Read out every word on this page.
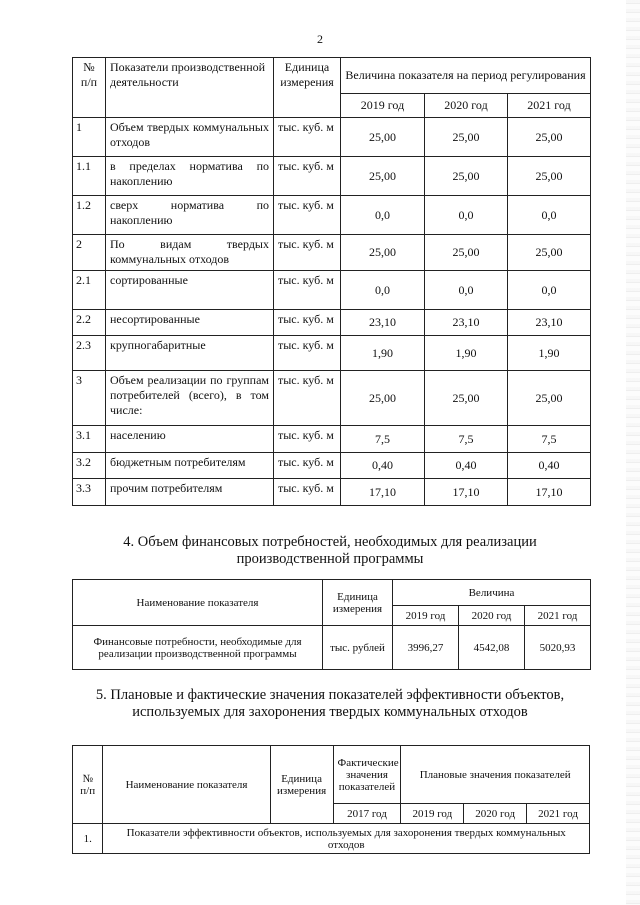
2
№ п/п	Показатели производственной деятельности	Единица измерения	Величина показателя на период регулирования		
			2019 год	2020 год	2021 год
1	Объем твердых коммунальных отходов	тыс. куб. м	25,00	25,00	25,00
1.1	в пределах норматива по накоплению	тыс. куб. м	25,00	25,00	25,00
1.2	сверх норматива по накоплению	тыс. куб. м	0,0	0,0	0,0
2	По видам твердых коммунальных отходов	тыс. куб. м	25,00	25,00	25,00
2.1	сортированные	тыс. куб. м	0,0	0,0	0,0
2.2	несортированные	тыс. куб. м	23,10	23,10	23,10
2.3	крупногабаритные	тыс. куб. м	1,90	1,90	1,90
3	Объем реализации по группам потребителей (всего), в том числе:	тыс. куб. м	25,00	25,00	25,00
3.1	населению	тыс. куб. м	7,5	7,5	7,5
3.2	бюджетным потребителям	тыс. куб. м	0,40	0,40	0,40
3.3	прочим потребителям	тыс. куб. м	17,10	17,10	17,10
4. Объем финансовых потребностей, необходимых для реализации производственной программы
Наименование показателя	Единица измерения	Величина		
		2019 год	2020 год	2021 год
Финансовые потребности, необходимые для реализации производственной программы	тыс. рублей	3996,27	4542,08	5020,93
5. Плановые и фактические значения показателей эффективности объектов, используемых для захоронения твердых коммунальных отходов
№ п/п	Наименование показателя	Единица измерения	Фактические значения показателей	Плановые значения показателей		
			2017 год	2019 год	2020 год	2021 год
1.	Показатели эффективности объектов, используемых для захоронения твердых коммунальных отходов					
